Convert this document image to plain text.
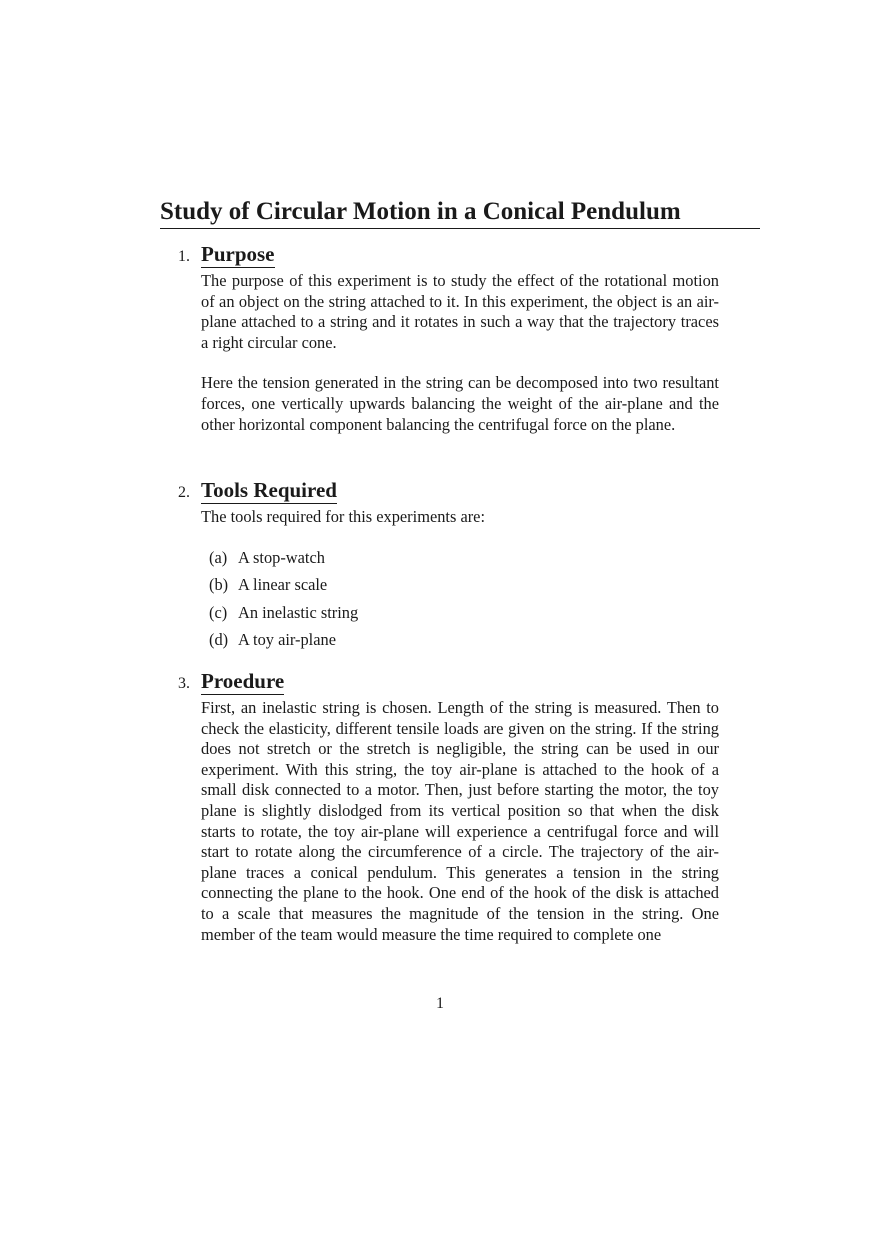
Study of Circular Motion in a Conical Pendulum
1. Purpose

The purpose of this experiment is to study the effect of the rotational motion of an object on the string attached to it. In this experiment, the object is an air-plane attached to a string and it rotates in such a way that the trajectory traces a right circular cone.

Here the tension generated in the string can be decomposed into two resultant forces, one vertically upwards balancing the weight of the air-plane and the other horizontal component balancing the centrifugal force on the plane.

2. Tools Required

The tools required for this experiments are:

(a) A stop-watch
(b) A linear scale
(c) An inelastic string
(d) A toy air-plane
3. Proedure

First, an inelastic string is chosen. Length of the string is measured. Then to check the elasticity, different tensile loads are given on the string. If the string does not stretch or the stretch is negligible, the string can be used in our experiment. With this string, the toy air-plane is attached to the hook of a small disk connected to a motor. Then, just before starting the motor, the toy plane is slightly dislodged from its vertical position so that when the disk starts to rotate, the toy air-plane will experience a centrifugal force and will start to rotate along the circumference of a circle. The trajectory of the air-plane traces a conical pendulum. This generates a tension in the string connecting the plane to the hook. One end of the hook of the disk is attached to a scale that measures the magnitude of the tension in the string. One member of the team would measure the time required to complete one

1
